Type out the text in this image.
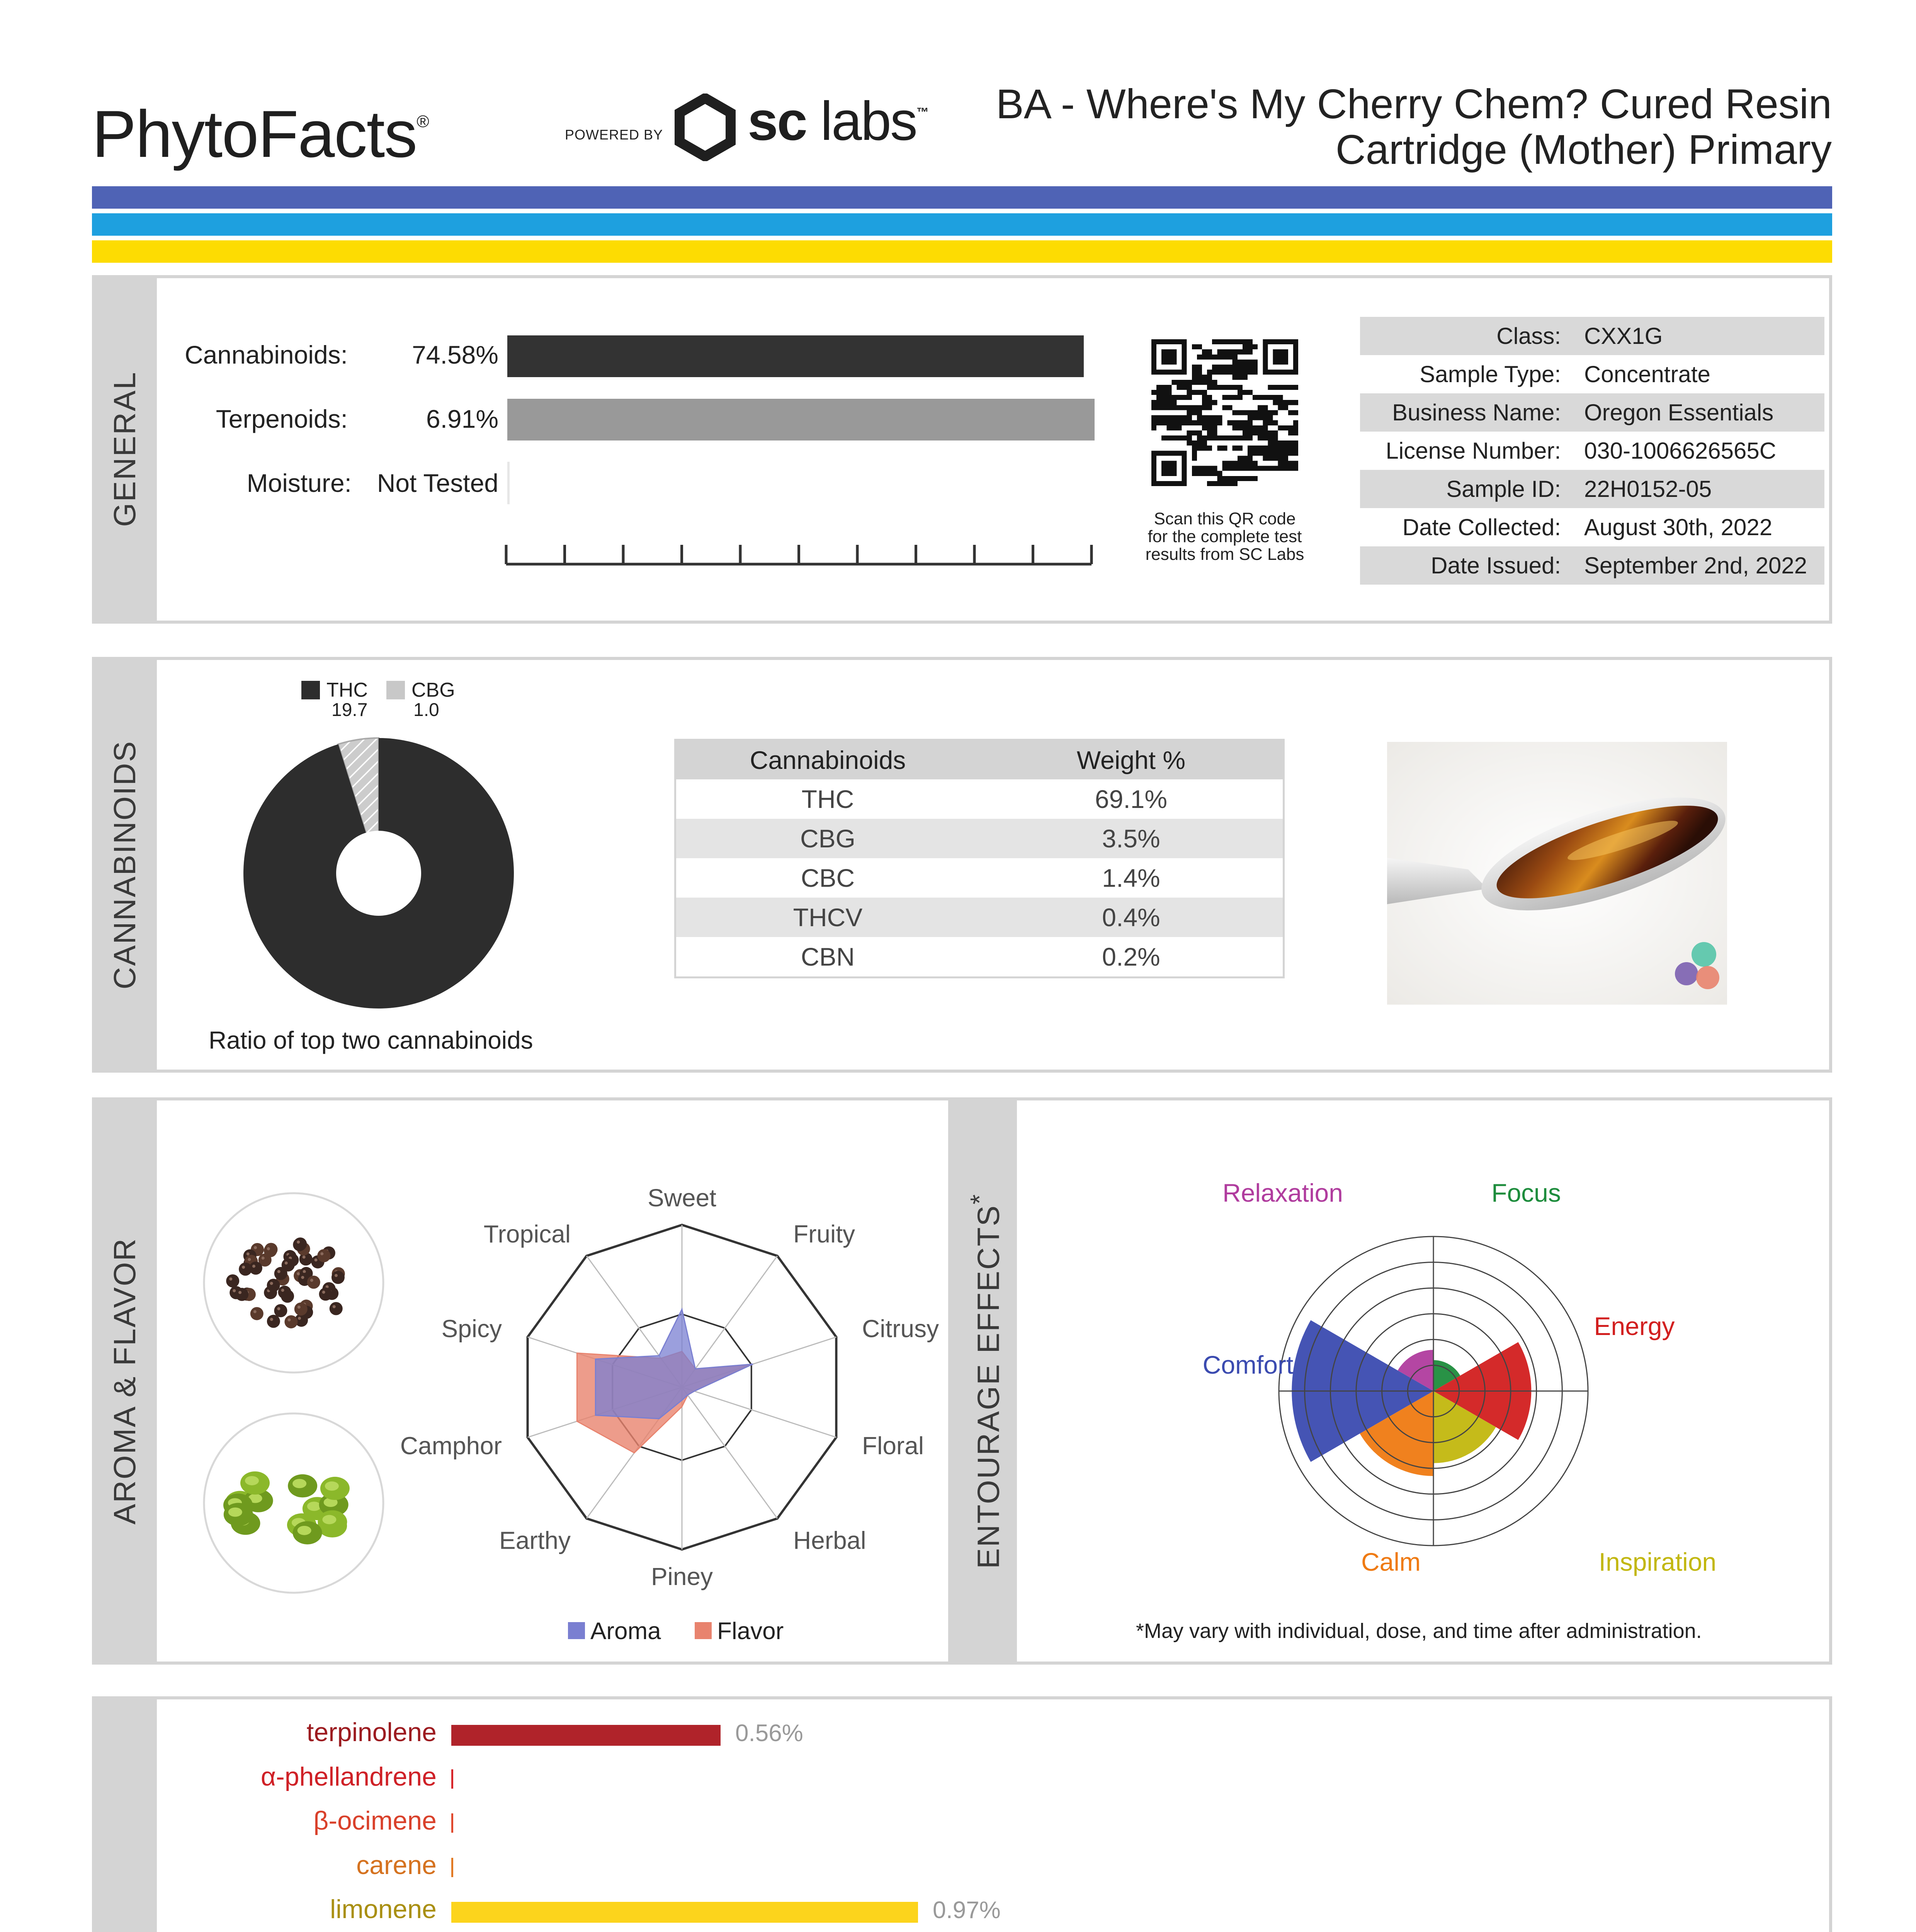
PhytoFacts®
POWERED BY sc labs™ BA - Where's My Cherry Chem? Cured Resin
Cartridge (Mother) Primary
GENERAL
Cannabinoids:	74.58%
Terpenoids:	6.91%
Moisture: Not Tested
Scan this QR code
for the complete test
results from SC Labs
Class:	CXX1G
Sample Type:	Concentrate
Business Name:	Oregon Essentials
License Number:	030-1006626565C
Sample ID:	22H0152-05
Date Collected:	August 30th, 2022
Date Issued:	September 2nd, 2022
CANNABINOIDS
THC
19.7
CBG
1.0
Ratio of top two cannabinoids
Cannabinoids	Weight %
THC	69.1%
CBG	3.5%
CBC	1.4%
THCV	0.4%
CBN	0.2%
AROMA & FLAVOR
Sweet
Fruity
Citrusy
Floral
Herbal
Piney
Earthy
Camphor
Spicy
Tropical
Aroma Flavor
ENTOURAGE EFFECTS*	Relaxation	Focus
Energy
Inspiration
Calm
Comfort
*May vary with individual, dose, and time after administration.
terpinolene	0.56%
α-phellandrene
β-ocimene
carene
limonene	0.97%
